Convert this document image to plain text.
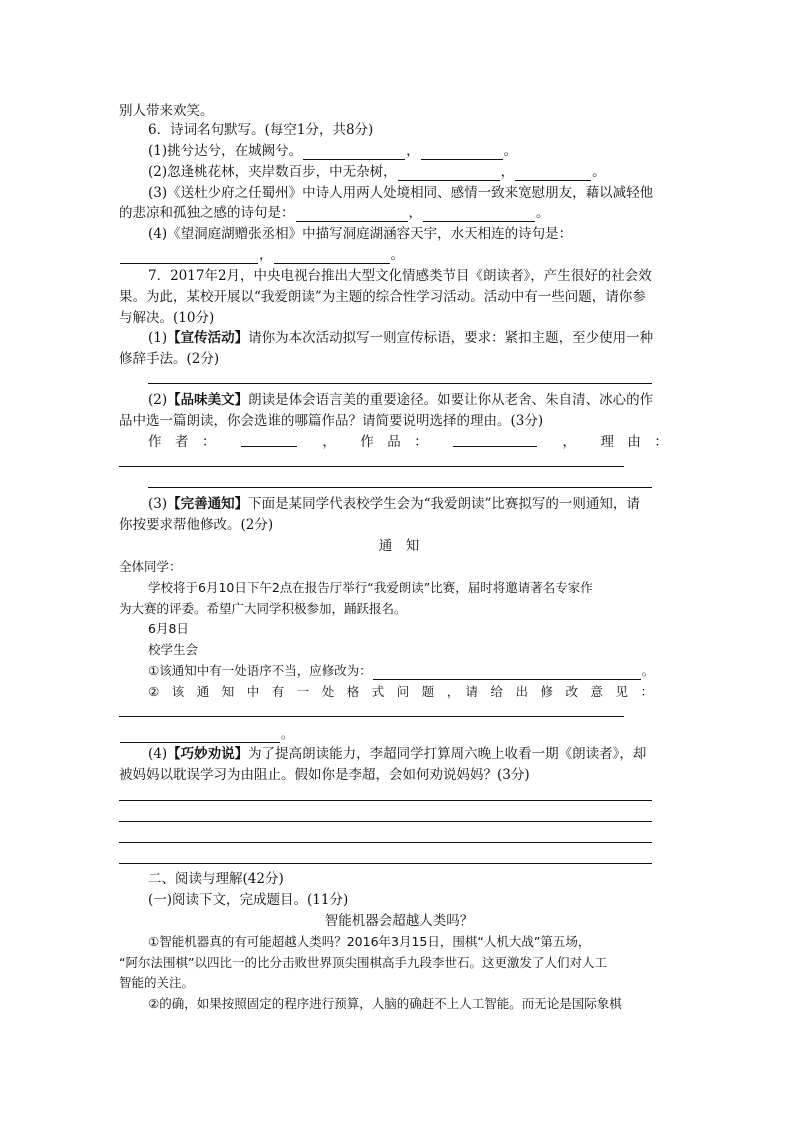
别人带来欢笑。
6．诗词名句默写。(每空1分，共8分)
(1)挑兮达兮，在城阙兮。	，	。
(2)忽逢桃花林，夹岸数百步，中无杂树，	，	。
(3)《送杜少府之任蜀州》中诗人用两人处境相同、感情一致来宽慰朋友，藉以减轻他
的悲凉和孤独之感的诗句是：	，	。
(4)《望洞庭湖赠张丞相》中描写洞庭湖涵容天宇，水天相连的诗句是：
，	。
7．2017年2月，中央电视台推出大型文化情感类节目《朗读者》，产生很好的社会效
果。为此，某校开展以“我爱朗读”为主题的综合性学习活动。活动中有一些问题，请你参
与解决。(10分)
(1)【宣传活动】请你为本次活动拟写一则宣传标语，要求：紧扣主题，至少使用一种
修辞手法。(2分)
(2)【品味美文】朗读是体会语言美的重要途径。如要让你从老舍、朱自清、冰心的作
品中选一篇朗读，你会选谁的哪篇作品？请简要说明选择的理由。(3分)
作　者　：	， 作　品　：	， 理　由　：
(3)【完善通知】下面是某同学代表校学生会为“我爱朗读”比赛拟写的一则通知，请
你按要求帮他修改。(2分)
通　知
全体同学：
学校将于6月10日下午2点在报告厅举行“我爱朗读”比赛，届时将邀请著名专家作
为大赛的评委。希望广大同学积极参加，踊跃报名。
6月8日
校学生会
①该通知中有一处语序不当，应修改为：	。
②　该　通　知　中　有　一　处　格　式　问　题　，　请　给　出　修　改　意　见　：
。
(4)【巧妙劝说】为了提高朗读能力，李超同学打算周六晚上收看一期《朗读者》，却
被妈妈以耽误学习为由阻止。假如你是李超，会如何劝说妈妈？(3分)
二、阅读与理解(42分)
(一)阅读下文，完成题目。(11分)
智能机器会超越人类吗？
①智能机器真的有可能超越人类吗？2016年3月15日，围棋“人机大战”第五场，
“阿尔法围棋”以四比一的比分击败世界顶尖围棋高手九段李世石。这更激发了人们对人工
智能的关注。
②的确，如果按照固定的程序进行预算，人脑的确赶不上人工智能。而无论是国际象棋
